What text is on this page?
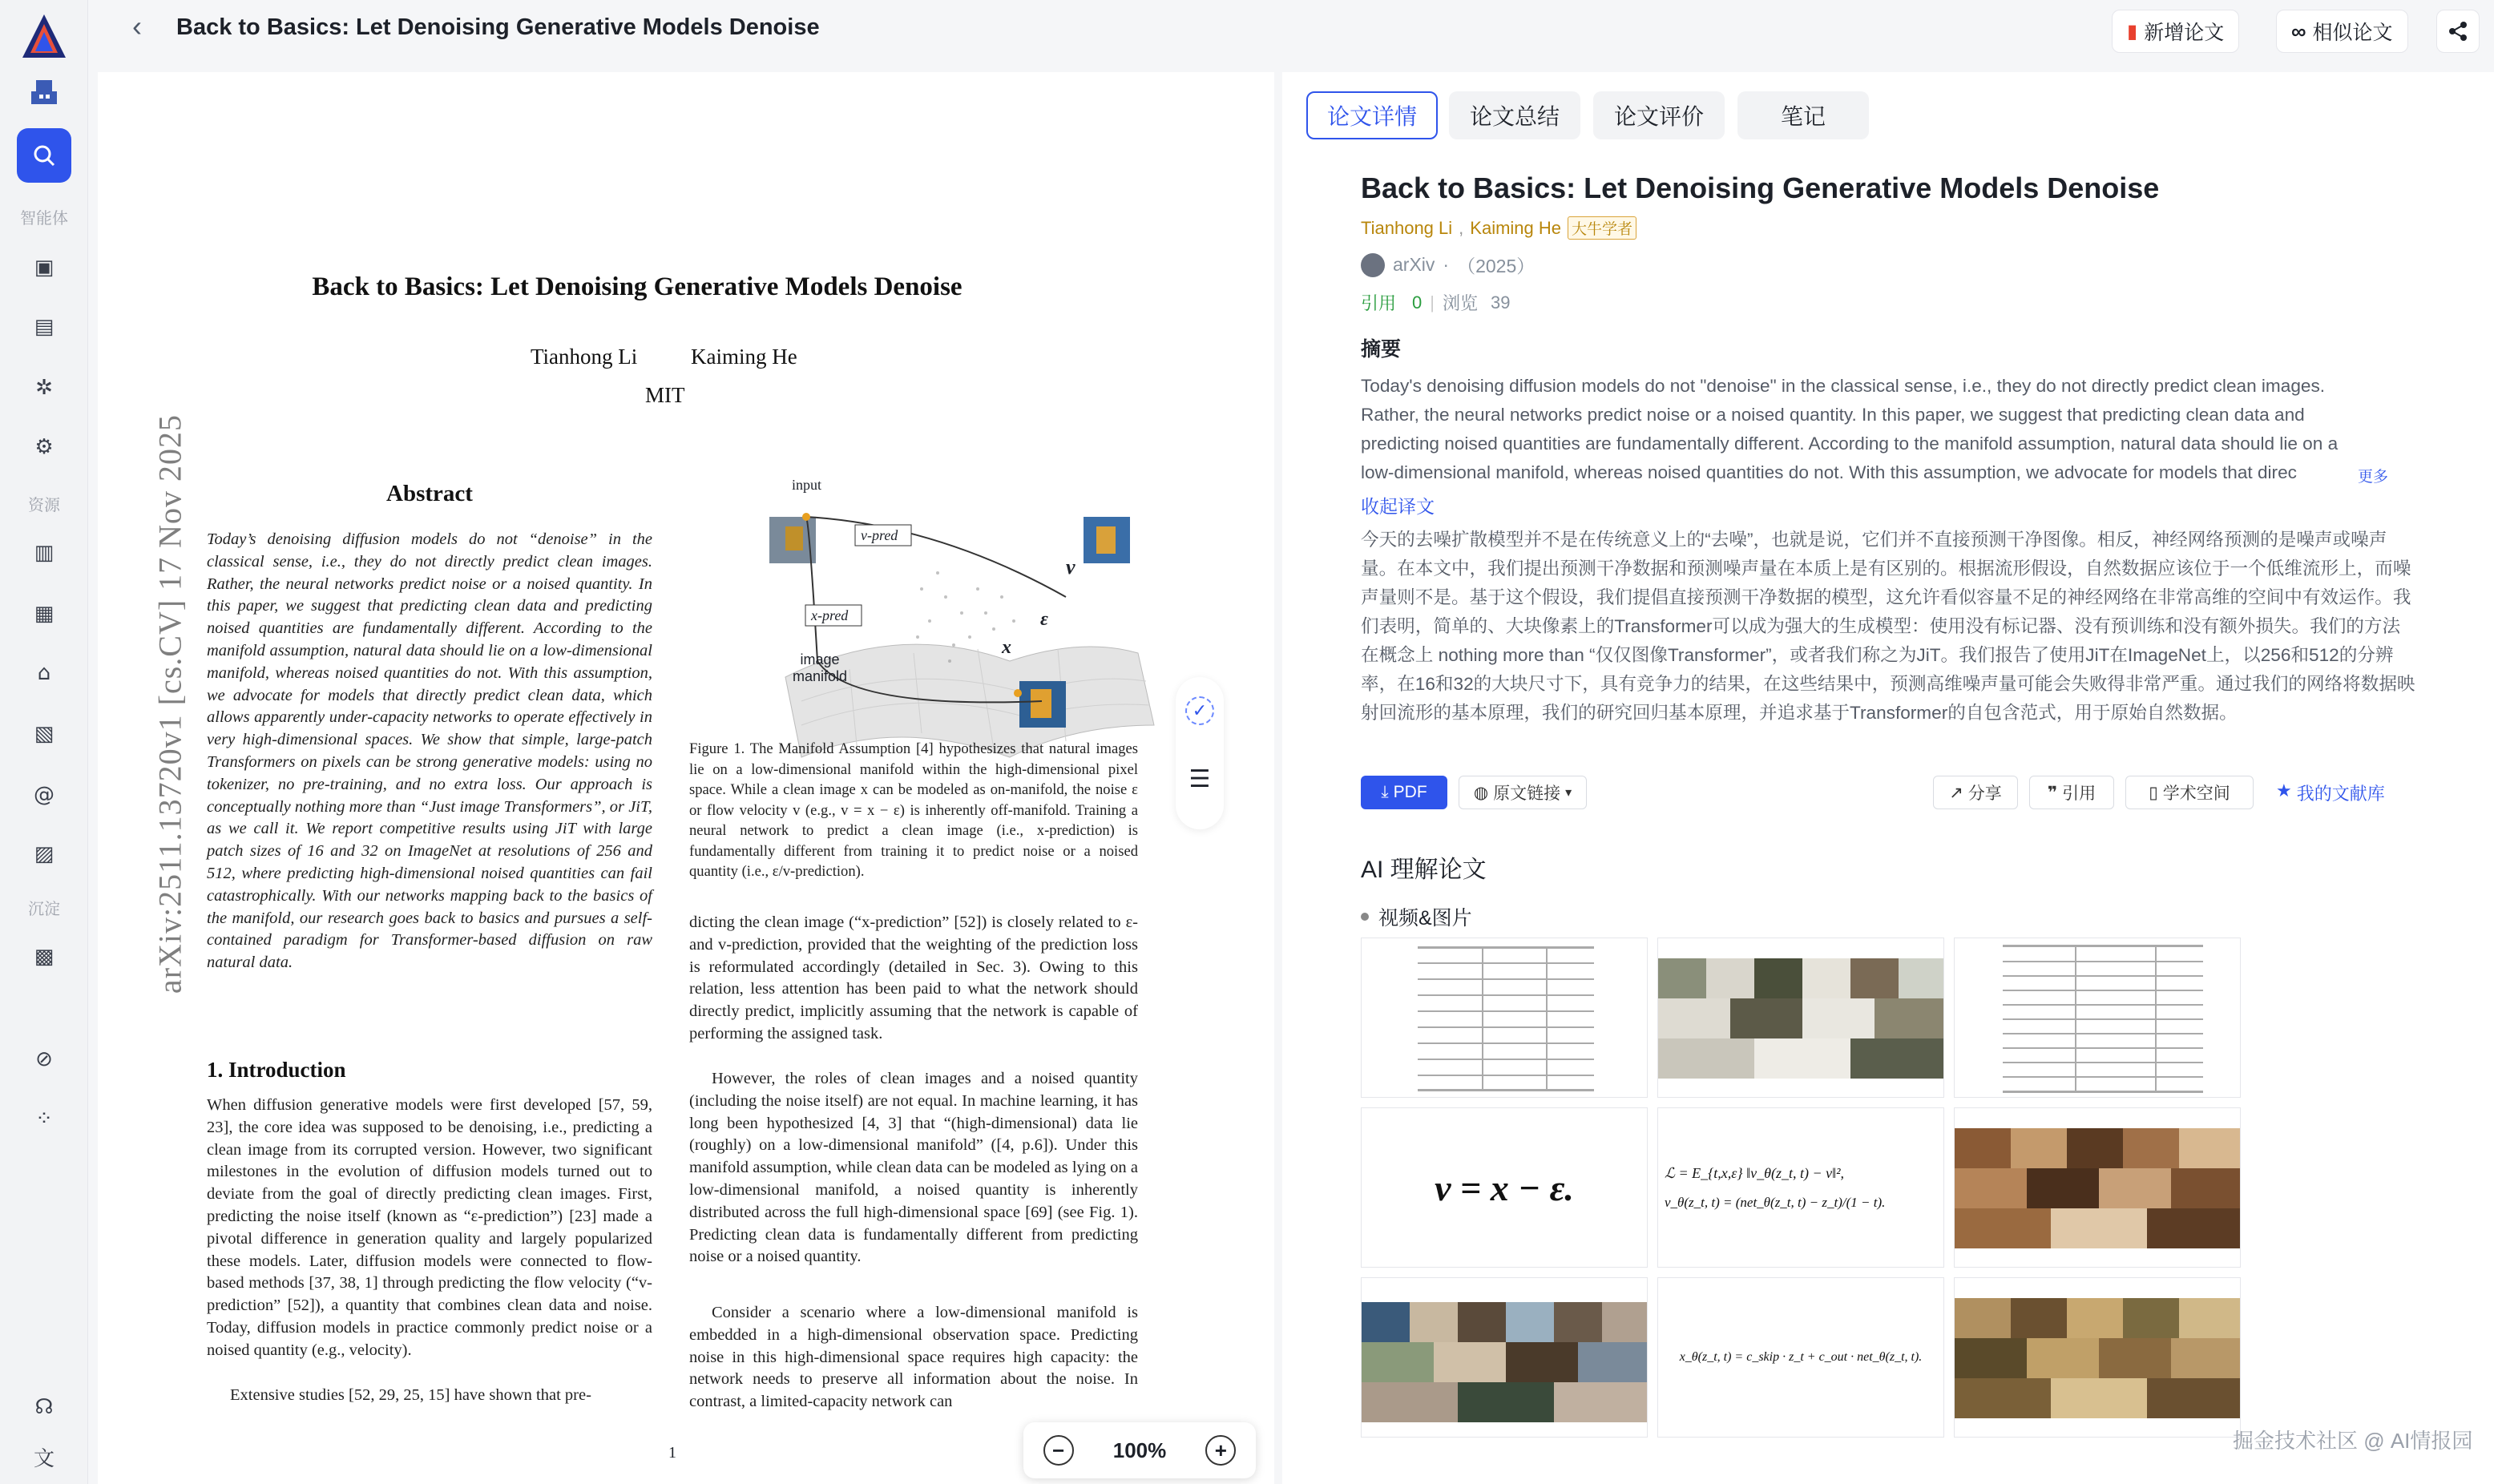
智能体
▣
▤
✲
⚙
资源
▥
▦
⌂
▧
@
▨
沉淀
▩
⊘
⁘
☊
文
‹ Back to Basics: Let Denoising Generative Models Denoise	▮ 新增论文	∞ 相似论文
Back to Basics: Let Denoising Generative Models Denoise
Tianhong Li Kaiming He
MIT
arXiv:2511.13720v1 [cs.CV] 17 Nov 2025	Abstract
Today’s denoising diffusion models do not “denoise” in the classical sense, i.e., they do not directly predict clean images. Rather, the neural networks predict noise or a noised quantity. In this paper, we suggest that predicting clean data and predicting noised quantities are fundamentally different. According to the manifold assumption, natural data should lie on a low-dimensional manifold, whereas noised quantities do not. With this assumption, we advocate for models that directly predict clean data, which allows apparently under-capacity networks to operate effectively in very high-dimensional spaces. We show that simple, large-patch Transformers on pixels can be strong generative models: using no tokenizer, no pre-training, and no extra loss. Our approach is conceptually nothing more than “Just image Transformers”, or JiT, as we call it. We report competitive results using JiT with large patch sizes of 16 and 32 on ImageNet at resolutions of 256 and 512, where predicting high-dimensional noised quantities can fail catastrophically. With our networks mapping back to the basics of the manifold, our research goes back to basics and pursues a self-contained paradigm for Transformer-based diffusion on raw natural data.
1. Introduction
When diffusion generative models were first developed [57, 59, 23], the core idea was supposed to be denoising, i.e., predicting a clean image from its corrupted version. However, two significant milestones in the evolution of diffusion models turned out to deviate from the goal of directly predicting clean images. First, predicting the noise itself (known as “ε-prediction”) [23] made a pivotal difference in generation quality and largely popularized these models. Later, diffusion models were connected to flow-based methods [37, 38, 1] through predicting the flow velocity (“v-prediction” [52]), a quantity that combines clean data and noise. Today, diffusion models in practice commonly predict noise or a noised quantity (e.g., velocity).
Extensive studies [52, 29, 25, 15] have shown that pre-
input
v-pred
x-pred
v
ε
x
image
manifold
Figure 1. The Manifold Assumption [4] hypothesizes that natural images lie on a low-dimensional manifold within the high-dimensional pixel space. While a clean image x can be modeled as on-manifold, the noise ε or flow velocity v (e.g., v = x − ε) is inherently off-manifold. Training a neural network to predict a clean image (i.e., x-prediction) is fundamentally different from training it to predict noise or a noised quantity (i.e., ε/v-prediction).
dicting the clean image (“x-prediction” [52]) is closely related to ε- and v-prediction, provided that the weighting of the prediction loss is reformulated accordingly (detailed in Sec. 3). Owing to this relation, less attention has been paid to what the network should directly predict, implicitly assuming that the network is capable of performing the assigned task.
However, the roles of clean images and a noised quantity (including the noise itself) are not equal. In machine learning, it has long been hypothesized [4, 3] that “(high-dimensional) data lie (roughly) on a low-dimensional manifold” ([4, p.6]). Under this manifold assumption, while clean data can be modeled as lying on a low-dimensional manifold, a noised quantity is inherently distributed across the full high-dimensional space [69] (see Fig. 1). Predicting clean data is fundamentally different from predicting noise or a noised quantity.
Consider a scenario where a low-dimensional manifold is embedded in a high-dimensional observation space. Predicting noise in this high-dimensional space requires high capacity: the network needs to preserve all information about the noise. In contrast, a limited-capacity network can
1
✓
☰
−	100%	+
论文详情	论文总结	论文评价	笔记
Back to Basics: Let Denoising Generative Models Denoise
Tianhong Li , Kaiming He 大牛学者
arXiv · （2025）
引用 0 | 浏览 39
摘要
Today's denoising diffusion models do not "denoise" in the classical sense, i.e., they do not directly predict clean images. Rather, the neural networks predict noise or a noised quantity. In this paper, we suggest that predicting clean data and predicting noised quantities are fundamentally different. According to the manifold assumption, natural data should lie on a low-dimensional manifold, whereas noised quantities do not. With this assumption, we advocate for models that direc	更多
收起译文
今天的去噪扩散模型并不是在传统意义上的“去噪”，也就是说，它们并不直接预测干净图像。相反，神经网络预测的是噪声或噪声量。在本文中，我们提出预测干净数据和预测噪声量在本质上是有区别的。根据流形假设，自然数据应该位于一个低维流形上，而噪声量则不是。基于这个假设，我们提倡直接预测干净数据的模型，这允许看似容量不足的神经网络在非常高维的空间中有效运作。我们表明，简单的、大块像素上的Transformer可以成为强大的生成模型：使用没有标记器、没有预训练和没有额外损失。我们的方法在概念上 nothing more than “仅仅图像Transformer”，或者我们称之为JiT。我们报告了使用JiT在ImageNet上，以256和512的分辨率，在16和32的大块尺寸下，具有竞争力的结果，在这些结果中，预测高维噪声量可能会失败得非常严重。通过我们的网络将数据映射回流形的基本原理，我们的研究回归基本原理，并追求基于Transformer的自包含范式，用于原始自然数据。
⤓ PDF	◍ 原文链接 ▾	↗ 分享	❞ 引用	▯ 学术空间	★ 我的文献库
AI 理解论文
视频&图片
v = x − ε.	ℒ = E_{t,x,ε} ‖v_θ(z_t, t) − v‖²,
v_θ(z_t, t) = (net_θ(z_t, t) − z_t)/(1 − t).
x_θ(z_t, t) = c_skip · z_t + c_out · net_θ(z_t, t).
掘金技术社区 @ AI情报园
